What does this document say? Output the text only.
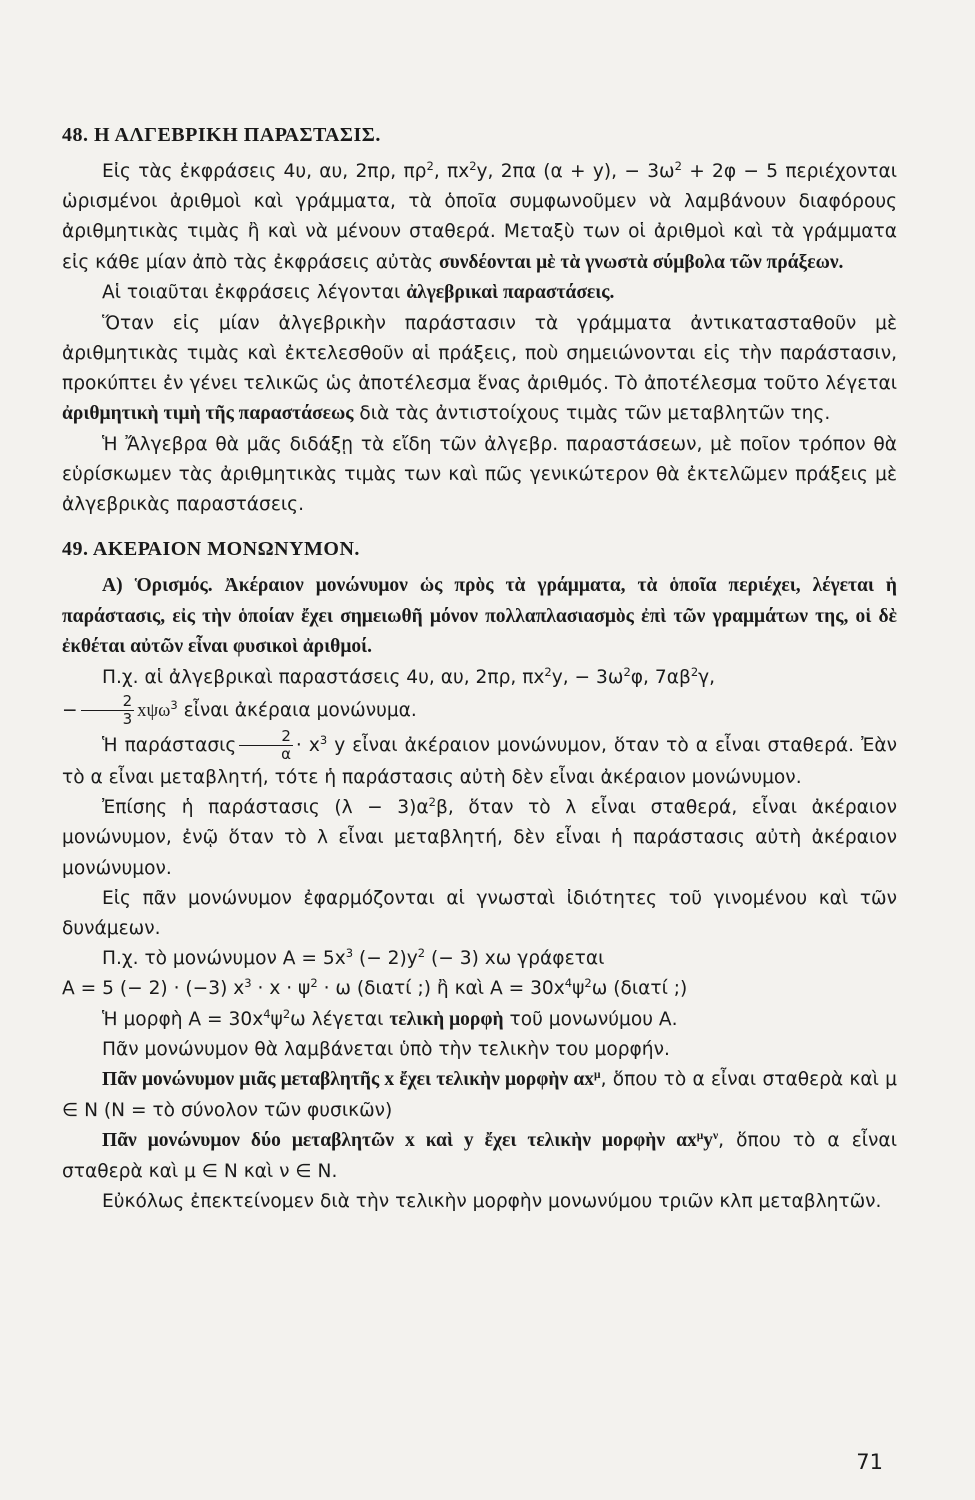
48. Η ΑΛΓΕΒΡΙΚΗ ΠΑΡΑΣΤΑΣΙΣ.

Εἰς τὰς ἐκφράσεις 4υ, αυ, 2πρ, $\pi\rho^2$, $\pi x^2y$, 2πα (α + y), − $3\omega^2 + 2\varphi - 5$ περιέχονται ὡρισμένοι ἀριθμοὶ καὶ γράμματα, τὰ ὁποῖα συμφωνοῦμεν νὰ λαμβάνουν διαφόρους ἀριθμητικὰς τιμὰς ἢ καὶ νὰ μένουν σταθερά. Μεταξὺ των οἱ ἀριθμοὶ καὶ τὰ γράμματα εἰς κάθε μίαν ἀπὸ τὰς ἐκφράσεις αὐτὰς συνδέονται μὲ τὰ γνωστὰ σύμβολα τῶν πράξεων.

Αἱ τοιαῦται ἐκφράσεις λέγονται ἀλγεβρικαὶ παραστάσεις.

Ὅταν εἰς μίαν ἀλγεβρικὴν παράστασιν τὰ γράμματα ἀντικατασταθοῦν μὲ ἀριθμητικὰς τιμὰς καὶ ἐκτελεσθοῦν αἱ πράξεις, ποὺ σημειώνονται εἰς τὴν παράστασιν, προκύπτει ἐν γένει τελικῶς ὡς ἀποτέλεσμα ἕνας ἀριθμός. Τὸ ἀποτέλεσμα τοῦτο λέγεται ἀριθμητικὴ τιμὴ τῆς παραστάσεως διὰ τὰς ἀντιστοίχους τιμὰς τῶν μεταβλητῶν της.

Ἡ Ἄλγεβρα θὰ μᾶς διδάξῃ τὰ εἴδη τῶν ἀλγεβρ. παραστάσεων, μὲ ποῖον τρόπον θὰ εὑρίσκωμεν τὰς ἀριθμητικὰς τιμὰς των καὶ πῶς γενικώτερον θὰ ἐκτελῶμεν πράξεις μὲ ἀλγεβρικὰς παραστάσεις.

49. ΑΚΕΡΑΙΟΝ ΜΟΝΩΝΥΜΟΝ.

Α) Ὁρισμός. Ἀκέραιον μονώνυμον ὡς πρὸς τὰ γράμματα, τὰ ὁποῖα περιέχει, λέγεται ἡ παράστασις, εἰς τὴν ὁποίαν ἔχει σημειωθῆ μόνον πολλαπλασιασμὸς ἐπὶ τῶν γραμμάτων της, οἱ δὲ ἐκθέται αὐτῶν εἶναι φυσικοὶ ἀριθμοί.

Π.χ. αἱ ἀλγεβρικαὶ παραστάσεις 4υ, αυ, 2πρ, $\pi x^2y$, − $3\omega^2\varphi$, $7\alpha\beta^2\gamma$,
− $\frac{2}{3} x\psi\omega^3$ εἶναι ἀκέραια μονώνυμα.

Ἡ παράστασις $\frac{2}{\alpha} \cdot x^3$ y εἶναι ἀκέραιον μονώνυμον, ὅταν τὸ α εἶναι σταθερά. Ἐὰν τὸ α εἶναι μεταβλητή, τότε ἡ παράστασις αὐτὴ δὲν εἶναι ἀκέραιον μονώνυμον.

Ἐπίσης ἡ παράστασις $(\lambda - 3)\alpha^2\beta$, ὅταν τὸ λ εἶναι σταθερά, εἶναι ἀκέραιον μονώνυμον, ἐνῷ ὅταν τὸ λ εἶναι μεταβλητή, δὲν εἶναι ἡ παράστασις αὐτὴ ἀκέραιον μονώνυμον.

Εἰς πᾶν μονώνυμον ἐφαρμόζονται αἱ γνωσταὶ ἰδιότητες τοῦ γινομένου καὶ τῶν δυνάμεων.

Π.χ. τὸ μονώνυμον $A = 5x^3$ (− $2)y^2$ (− 3) xω γράφεται

Α = 5 (− 2) · (−3) $x^3 \cdot x \cdot \psi^2 \cdot \omega$ (διατί ;) ἢ καὶ $A = 30x^4\psi^2\omega$ (διατί ;)

Ἡ μορφὴ $A = 30x^4\psi^2\omega$ λέγεται τελικὴ μορφὴ τοῦ μονωνύμου Α.

Πᾶν μονώνυμον θὰ λαμβάνεται ὑπὸ τὴν τελικὴν του μορφήν.

Πᾶν μονώνυμον μιᾶς μεταβλητῆς x ἔχει τελικὴν μορφὴν $\alpha x^\mu$, ὅπου τὸ α εἶναι σταθερὰ καὶ μ ∈ Ν (Ν = τὸ σύνολον τῶν φυσικῶν)

Πᾶν μονώνυμον δύο μεταβλητῶν x καὶ y ἔχει τελικὴν μορφὴν $\alpha x^\mu y^\nu$, ὅπου τὸ α εἶναι σταθερὰ καὶ μ ∈ Ν καὶ ν ∈ Ν.

Εὐκόλως ἐπεκτείνομεν διὰ τὴν τελικὴν μορφὴν μονωνύμου τριῶν κλπ μεταβλητῶν.

71
